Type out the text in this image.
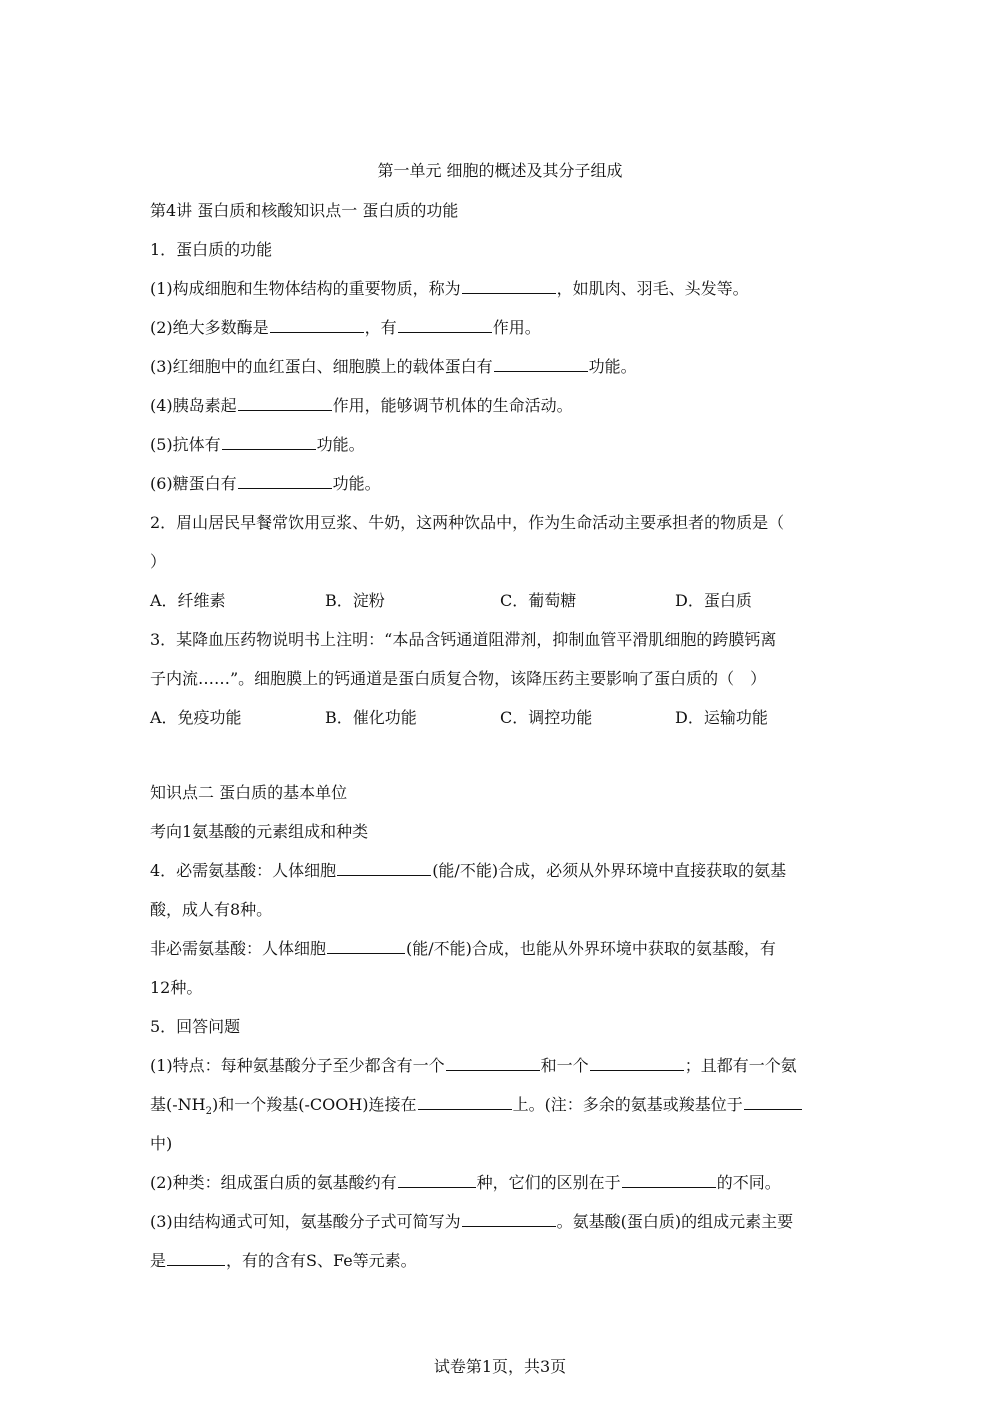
第一单元 细胞的概述及其分子组成
第4讲 蛋白质和核酸知识点一 蛋白质的功能
1．蛋白质的功能
(1)构成细胞和生物体结构的重要物质，称为	，如肌肉、羽毛、头发等。
(2)绝大多数酶是	，有	作用。
(3)红细胞中的血红蛋白、细胞膜上的载体蛋白有	功能。
(4)胰岛素起	作用，能够调节机体的生命活动。
(5)抗体有	功能。
(6)糖蛋白有	功能。
2．眉山居民早餐常饮用豆浆、牛奶，这两种饮品中，作为生命活动主要承担者的物质是（
）
A．纤维素	B．淀粉	C．葡萄糖	D．蛋白质
3．某降血压药物说明书上注明：“本品含钙通道阻滞剂，抑制血管平滑肌细胞的跨膜钙离
子内流……”。细胞膜上的钙通道是蛋白质复合物，该降压药主要影响了蛋白质的（　）
A．免疫功能	B．催化功能	C．调控功能	D．运输功能
知识点二 蛋白质的基本单位
考向1氨基酸的元素组成和种类
4．必需氨基酸：人体细胞	(能/不能)合成，必须从外界环境中直接获取的氨基
酸，成人有8种。
非必需氨基酸：人体细胞	(能/不能)合成，也能从外界环境中获取的氨基酸，有
12种。
5．回答问题
(1)特点：每种氨基酸分子至少都含有一个	和一个	；且都有一个氨
基$(-NH_2)$和一个羧基(-COOH)连接在	上。(注：多余的氨基或羧基位于
中)
(2)种类：组成蛋白质的氨基酸约有	种，它们的区别在于	的不同。
(3)由结构通式可知，氨基酸分子式可简写为	。氨基酸(蛋白质)的组成元素主要
是	，有的含有S、Fe等元素。
试卷第1页，共3页
